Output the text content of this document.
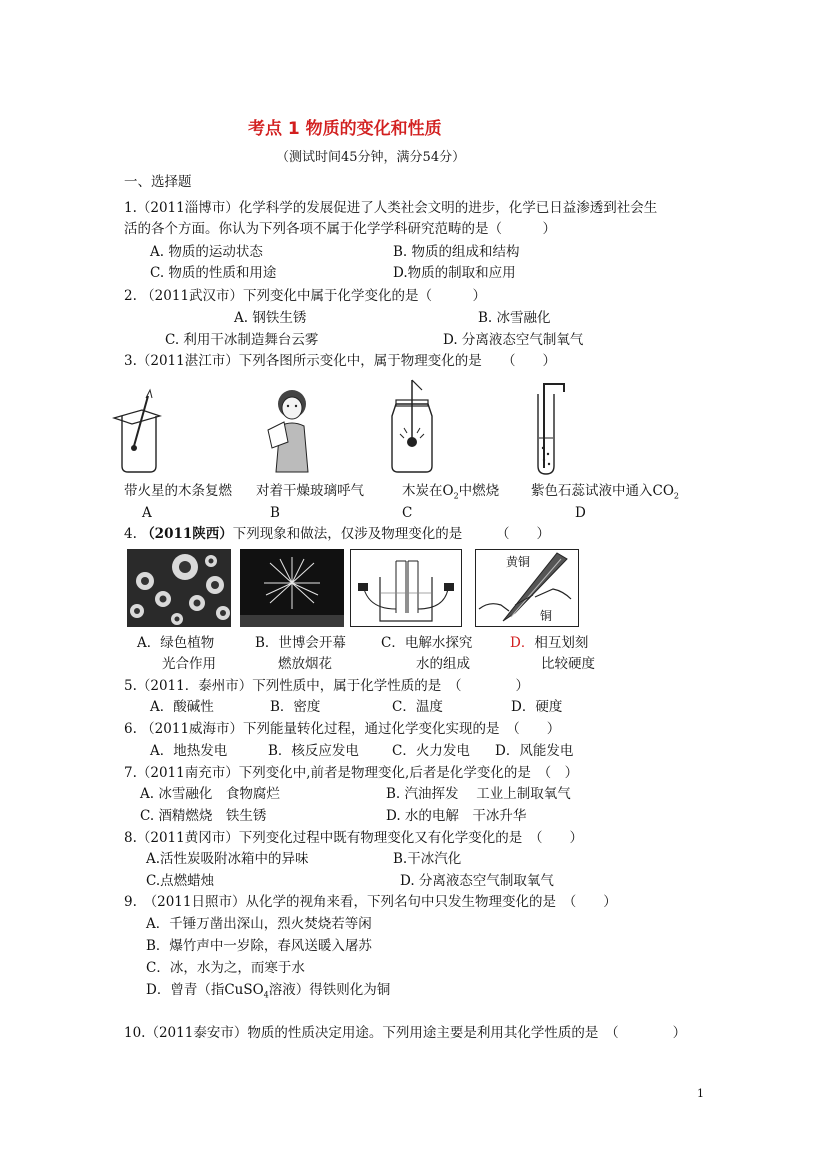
考点 1 物质的变化和性质
（测试时间45分钟，满分54分）
一、选择题
1.（2011淄博市）化学科学的发展促进了人类社会文明的进步，化学已日益渗透到社会生
活的各个方面。你认为下列各项不属于化学学科研究范畴的是（　　　）
A. 物质的运动状态	B. 物质的组成和结构
C. 物质的性质和用途	D.物质的制取和应用
2. （2011武汉市）下列变化中属于化学变化的是（　　　）
A. 钢铁生锈	B. 冰雪融化
C. 利用干冰制造舞台云雾	D. 分离液态空气制氧气
3.（2011湛江市）下列各图所示变化中，属于物理变化的是　　（　　）
带火星的木条复燃 对着干燥玻璃呼气	木炭在$O_2$中燃烧 紫色石蕊试液中通入$CO_2$
A	B	C	D
4. （2011陕西）下列现象和做法，仅涉及物理变化的是　　　（　　）
黄铜
铜
A．绿色植物	B．世博会开幕	C．电解水探究	D．相互划刻
光合作用	燃放烟花	水的组成	比较硬度
5.（2011．泰州市）下列性质中，属于化学性质的是　（　　　　）
A．酸碱性	B．密度	C．温度	D．硬度
6. （2011威海市）下列能量转化过程，通过化学变化实现的是　（　　）
A．地热发电	B．核反应发电 C．火力发电 D．风能发电
7.（2011南充市）下列变化中,前者是物理变化,后者是化学变化的是　（　）
A. 冰雪融化　食物腐烂	B. 汽油挥发　 工业上制取氧气
C. 酒精燃烧　铁生锈	D. 水的电解　干冰升华
8.（2011黄冈市）下列变化过程中既有物理变化又有化学变化的是　（　　）
A.活性炭吸附冰箱中的异味	B.干冰汽化
C.点燃蜡烛	D. 分离液态空气制取氧气
9.　（2011日照市）从化学的视角来看，下列名句中只发生物理变化的是　（　　）
A．千锤万凿出深山，烈火焚烧若等闲
B．爆竹声中一岁除，春风送暖入屠苏
C．冰，水为之，而寒于水
D．曾青（指CuSO$_4$溶液）得铁则化为铜
10.（2011泰安市）物质的性质决定用途。下列用途主要是利用其化学性质的是　（　　　　）
1
